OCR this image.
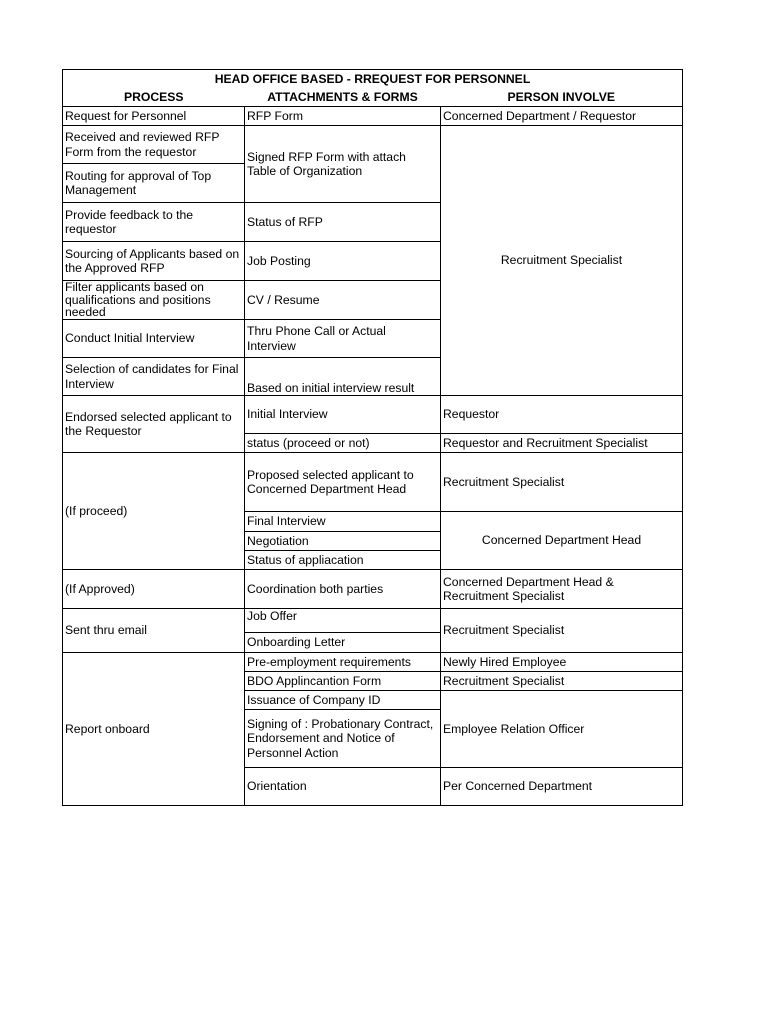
HEAD OFFICE BASED - RREQUEST FOR PERSONNEL		
PROCESS	ATTACHMENTS & FORMS	PERSON INVOLVE
Request for Personnel	RFP Form	Concerned Department / Requestor
Received and reviewed RFP Form from the requestor	Signed RFP Form with attach Table of Organization	Recruitment Specialist
Routing for approval of Top Management		
Provide feedback to the requestor	Status of RFP	
Sourcing of Applicants based on the Approved RFP	Job Posting	
Filter applicants based on qualifications and positions needed	CV / Resume	
Conduct Initial Interview	Thru Phone Call or Actual Interview	
Selection of candidates for Final Interview	Based on initial interview result	
Endorsed selected applicant to the Requestor	Initial Interview	Requestor
	status (proceed or not)	Requestor and Recruitment Specialist
(If proceed)	Proposed selected applicant to Concerned Department Head	Recruitment Specialist
	Final Interview	Concerned Department Head
	Negotiation	
	Status of appliacation	
(If Approved)	Coordination both parties	Concerned Department Head & Recruitment Specialist
Sent thru email	Job Offer	Recruitment Specialist
	Onboarding Letter	
Report onboard	Pre-employment requirements	Newly Hired Employee
	BDO Applincantion Form	Recruitment Specialist
	Issuance of Company ID	Employee Relation Officer
	Signing of : Probationary Contract, Endorsement and Notice of Personnel Action	
	Orientation	Per Concerned Department
